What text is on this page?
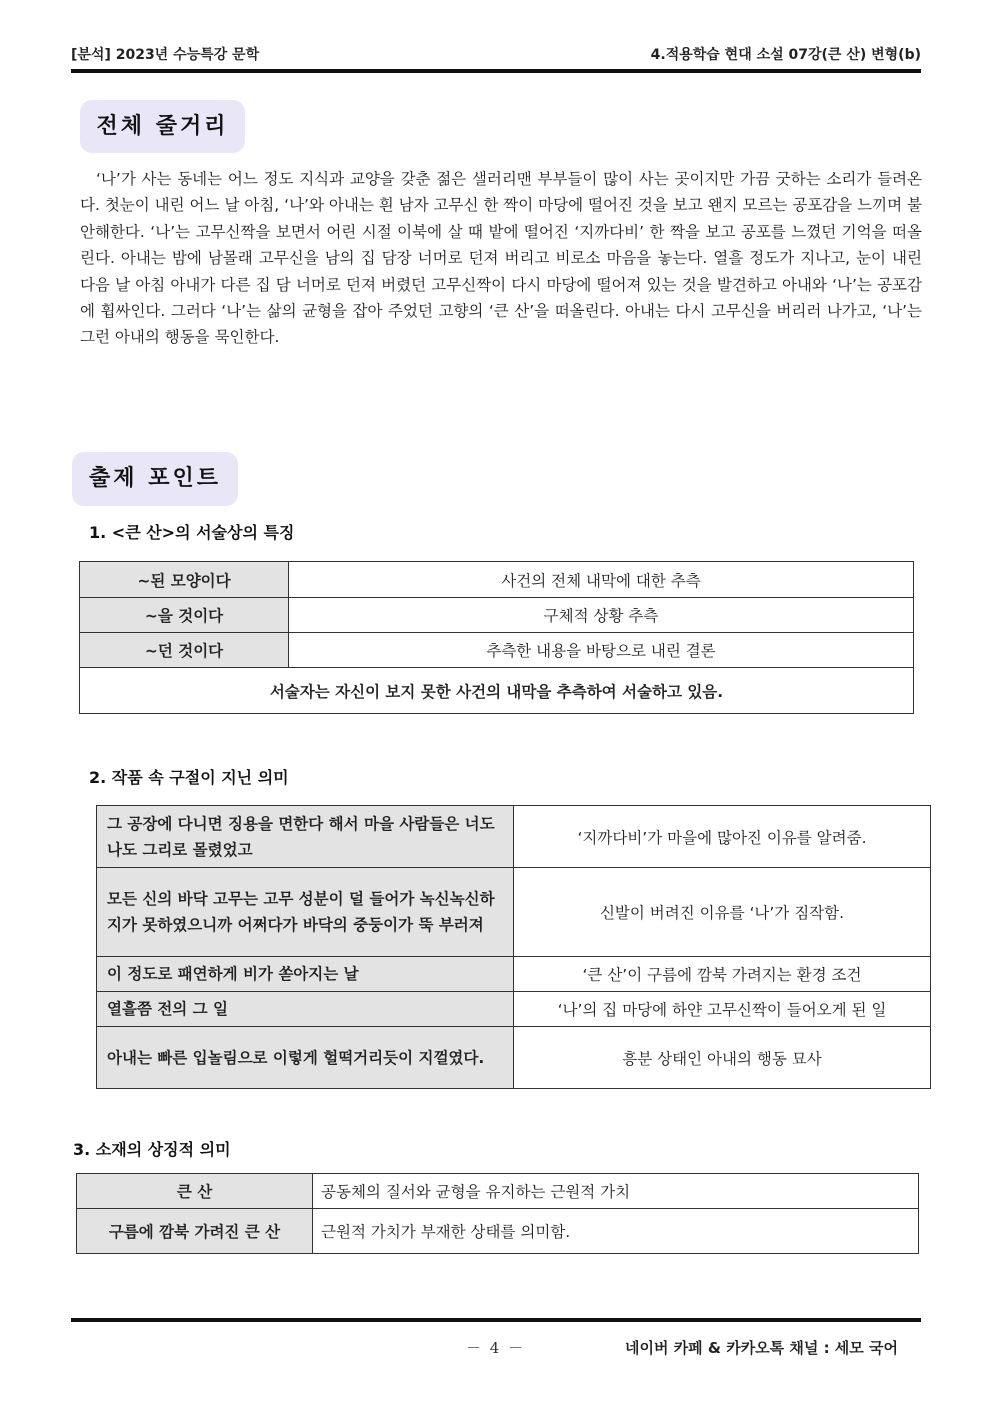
[분석] 2023년 수능특강 문학	4.적용학습 현대 소설 07강(큰 산) 변형(b)
전체 줄거리

‘나’가 사는 동네는 어느 정도 지식과 교양을 갖춘 젊은 샐러리맨 부부들이 많이 사는 곳이지만 가끔 굿하는 소리가 들려온다. 첫눈이 내린 어느 날 아침, ‘나’와 아내는 흰 남자 고무신 한 짝이 마당에 떨어진 것을 보고 왠지 모르는 공포감을 느끼며 불안해한다. ‘나’는 고무신짝을 보면서 어린 시절 이북에 살 때 밭에 떨어진 ‘지까다비’ 한 짝을 보고 공포를 느꼈던 기억을 떠올린다. 아내는 밤에 남몰래 고무신을 남의 집 담장 너머로 던져 버리고 비로소 마음을 놓는다. 열흘 정도가 지나고, 눈이 내린 다음 날 아침 아내가 다른 집 담 너머로 던져 버렸던 고무신짝이 다시 마당에 떨어져 있는 것을 발견하고 아내와 ‘나’는 공포감에 휩싸인다. 그러다 ‘나’는 삶의 균형을 잡아 주었던 고향의 ‘큰 산’을 떠올린다. 아내는 다시 고무신을 버리러 나가고, ‘나’는 그런 아내의 행동을 묵인한다.

출제 포인트
1. <큰 산>의 서술상의 특징
~된 모양이다	사건의 전체 내막에 대한 추측
~을 것이다	구체적 상황 추측
~던 것이다	추측한 내용을 바탕으로 내린 결론
서술자는 자신이 보지 못한 사건의 내막을 추측하여 서술하고 있음.	
2. 작품 속 구절이 지닌 의미
그 공장에 다니면 징용을 면한다 해서 마을 사람들은 너도나도 그리로 몰렸었고	‘지까다비’가 마을에 많아진 이유를 알려줌.
모든 신의 바닥 고무는 고무 성분이 덜 들어가 녹신녹신하지가 못하였으니까 어쩌다가 바닥의 중둥이가 뚝 부러져	신발이 버려진 이유를 ‘나’가 짐작함.
이 정도로 패연하게 비가 쏟아지는 날	‘큰 산’이 구름에 깜북 가려지는 환경 조건
열흘쯤 전의 그 일	‘나’의 집 마당에 하얀 고무신짝이 들어오게 된 일
아내는 빠른 입놀림으로 이렇게 헐떡거리듯이 지껄였다.	흥분 상태인 아내의 행동 묘사
3. 소재의 상징적 의미
큰 산	공동체의 질서와 균형을 유지하는 근원적 가치
구름에 깜북 가려진 큰 산	근원적 가치가 부재한 상태를 의미함.
－ 4 －	네이버 카페 & 카카오톡 채널 : 세모 국어
